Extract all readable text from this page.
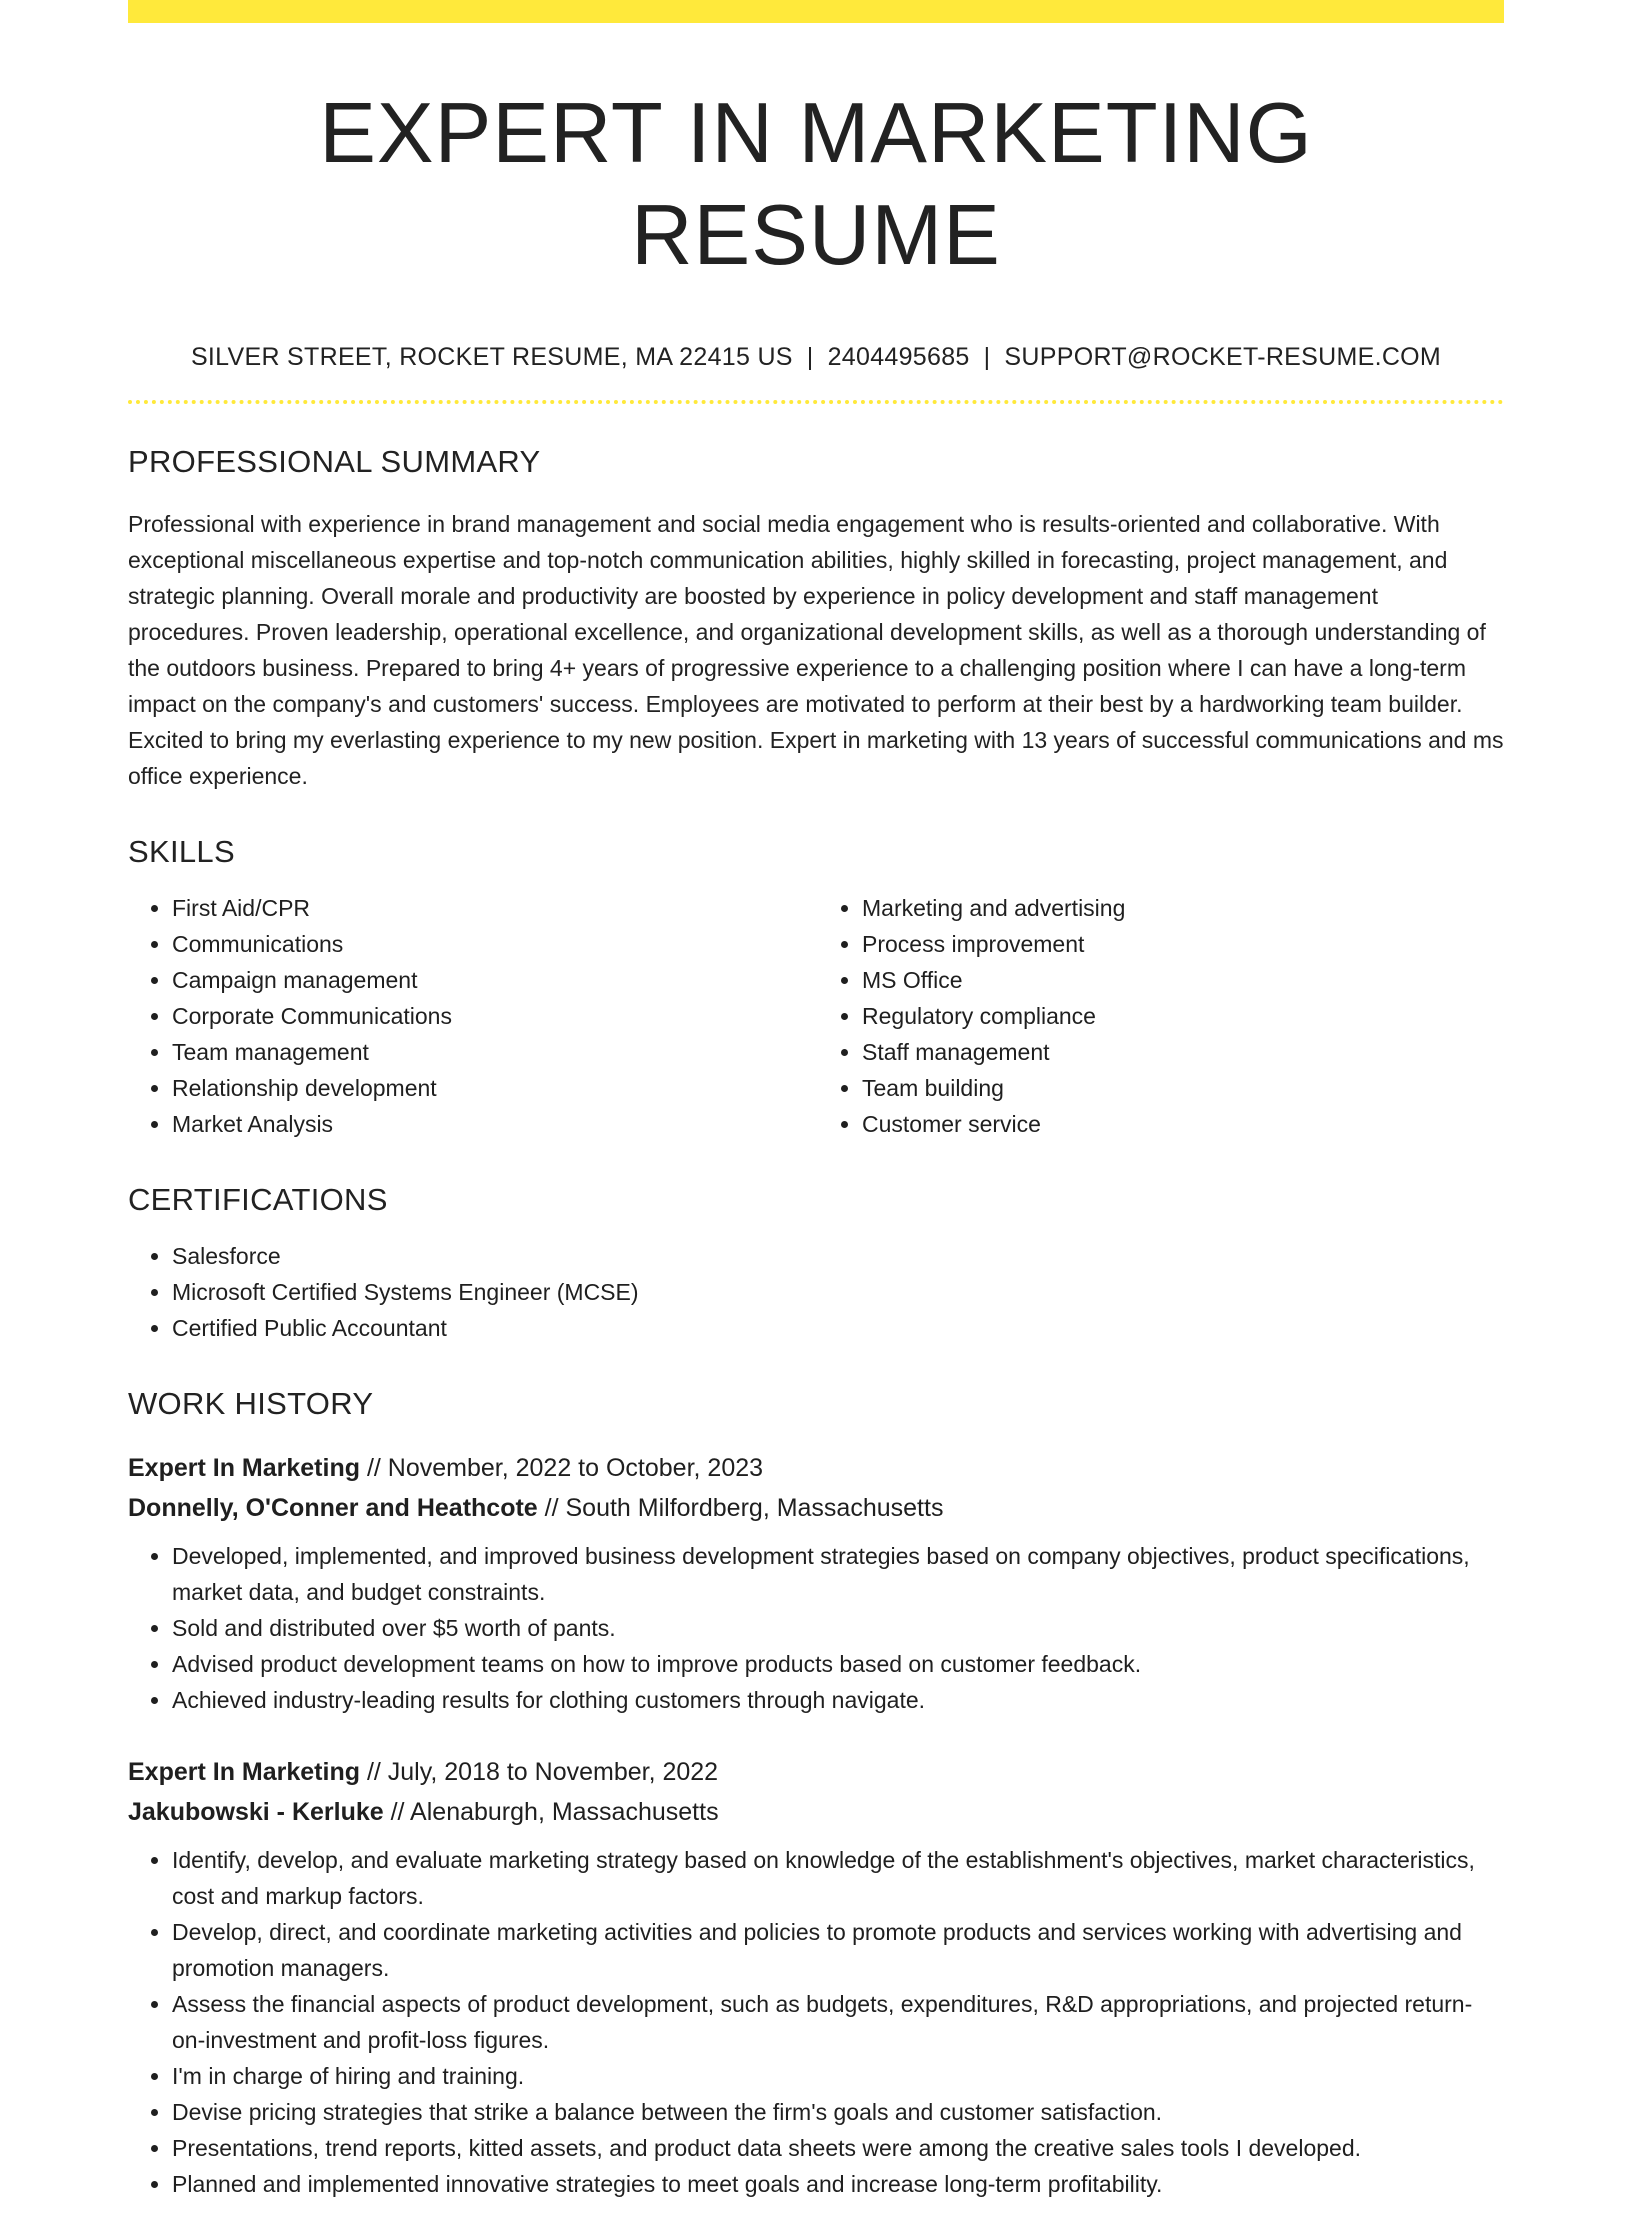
EXPERT IN MARKETING RESUME
SILVER STREET, ROCKET RESUME, MA 22415 US | 2404495685 | SUPPORT@ROCKET-RESUME.COM
PROFESSIONAL SUMMARY

Professional with experience in brand management and social media engagement who is results-oriented and collaborative. With exceptional miscellaneous expertise and top-notch communication abilities, highly skilled in forecasting, project management, and strategic planning. Overall morale and productivity are boosted by experience in policy development and staff management procedures. Proven leadership, operational excellence, and organizational development skills, as well as a thorough understanding of the outdoors business. Prepared to bring 4+ years of progressive experience to a challenging position where I can have a long-term impact on the company's and customers' success. Employees are motivated to perform at their best by a hardworking team builder. Excited to bring my everlasting experience to my new position. Expert in marketing with 13 years of successful communications and ms office experience.

SKILLS
• First Aid/CPR
• Communications
• Campaign management
• Corporate Communications
• Team management
• Relationship development
• Market Analysis
• Marketing and advertising
• Process improvement
• MS Office
• Regulatory compliance
• Staff management
• Team building
• Customer service
CERTIFICATIONS
• Salesforce
• Microsoft Certified Systems Engineer (MCSE)
• Certified Public Accountant
WORK HISTORY
Expert In Marketing // November, 2022 to October, 2023
Donnelly, O'Conner and Heathcote // South Milfordberg, Massachusetts
• Developed, implemented, and improved business development strategies based on company objectives, product specifications, market data, and budget constraints.
• Sold and distributed over $5 worth of pants.
• Advised product development teams on how to improve products based on customer feedback.
• Achieved industry-leading results for clothing customers through navigate.
Expert In Marketing // July, 2018 to November, 2022
Jakubowski - Kerluke // Alenaburgh, Massachusetts
• Identify, develop, and evaluate marketing strategy based on knowledge of the establishment's objectives, market characteristics, cost and markup factors.
• Develop, direct, and coordinate marketing activities and policies to promote products and services working with advertising and promotion managers.
• Assess the financial aspects of product development, such as budgets, expenditures, R&D appropriations, and projected return-on-investment and profit-loss figures.
• I'm in charge of hiring and training.
• Devise pricing strategies that strike a balance between the firm's goals and customer satisfaction.
• Presentations, trend reports, kitted assets, and product data sheets were among the creative sales tools I developed.
• Planned and implemented innovative strategies to meet goals and increase long-term profitability.
